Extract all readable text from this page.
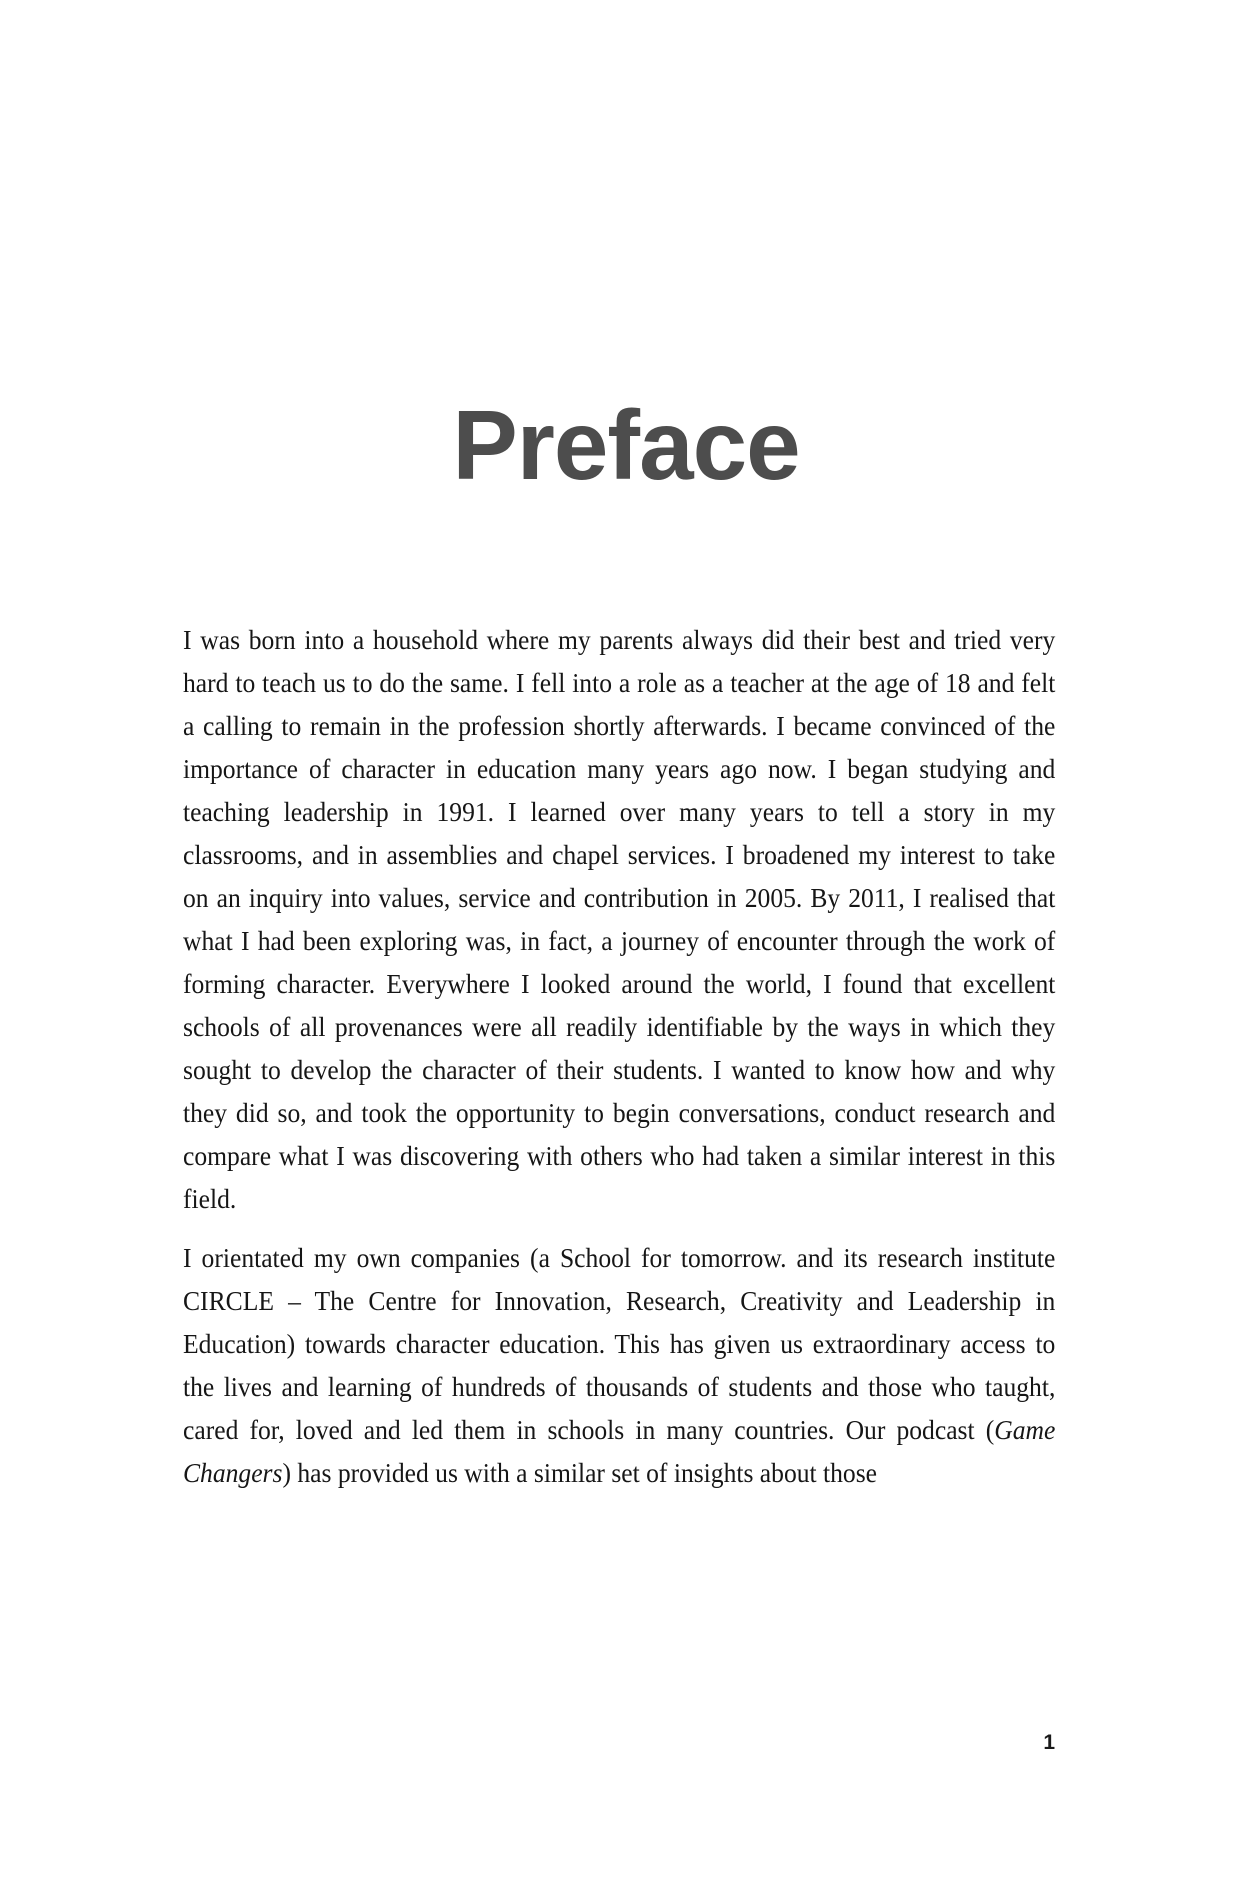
Preface

I was born into a household where my parents always did their best and tried very hard to teach us to do the same. I fell into a role as a teacher at the age of 18 and felt a calling to remain in the profession shortly afterwards. I became convinced of the importance of character in education many years ago now. I began studying and teaching leadership in 1991. I learned over many years to tell a story in my classrooms, and in assemblies and chapel services. I broadened my interest to take on an inquiry into values, service and contribution in 2005. By 2011, I realised that what I had been exploring was, in fact, a journey of encounter through the work of forming character. Everywhere I looked around the world, I found that excellent schools of all provenances were all readily identifiable by the ways in which they sought to develop the character of their students. I wanted to know how and why they did so, and took the opportunity to begin conversations, conduct research and compare what I was discovering with others who had taken a similar interest in this field.

I orientated my own companies (a School for tomorrow. and its research institute CIRCLE – The Centre for Innovation, Research, Creativity and Leadership in Education) towards character education. This has given us extraordinary access to the lives and learning of hundreds of thousands of students and those who taught, cared for, loved and led them in schools in many countries. Our podcast (Game Changers) has provided us with a similar set of insights about those

1
